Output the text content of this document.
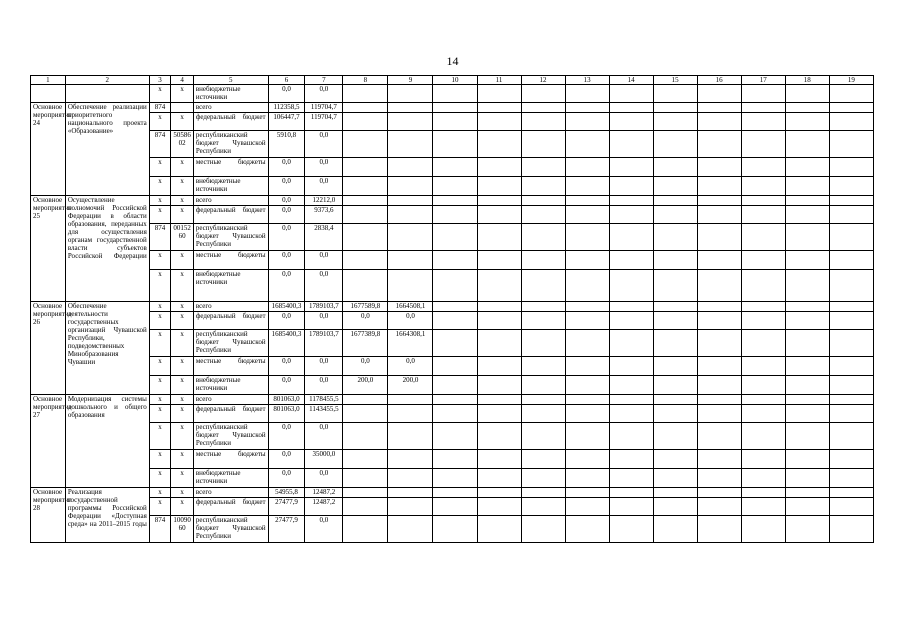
14
1	2	3	4	5	6	7	8	9	10	11	12	13	14	15	16	17	18	19
		x	x	внебюджетные источники	0,0	0,0												
Основное мероприятие 24	Обеспечение реализации приоритетного национального проекта «Образование»	874		всего	112358,5	119704,7												
		x	x	федеральный бюджет	106447,7	119704,7												
		874	50586 02	республиканский бюджет Чувашской Республики	5910,8	0,0												
		x	x	местные бюджеты	0,0	0,0												
		x	x	внебюджетные источники	0,0	0,0												
Основное мероприятие 25	Осуществление полномочий Российской Федерации в области образования, переданных для осуществления органам государственной власти субъектов Российской Федерации	x	x	всего	0,0	12212,0												
		x	x	федеральный бюджет	0,0	9373,6												
		874	00152 60	республиканский бюджет Чувашской Республики	0,0	2838,4												
		x	x	местные бюджеты	0,0	0,0												
		x	x	внебюджетные источники	0,0	0,0												
Основное мероприятие 26	Обеспечение деятельности государственных организаций Чувашской Республики, подведомственных Минобразования Чувашии	x	x	всего	1685400,3	1789103,7	1677589,8	1664508,1										
		x	x	федеральный бюджет	0,0	0,0	0,0	0,0										
		x	x	республиканский бюджет Чувашской Республики	1685400,3	1789103,7	1677389,8	1664308,1										
		x	x	местные бюджеты	0,0	0,0	0,0	0,0										
		x	x	внебюджетные источники	0,0	0,0	200,0	200,0										
Основное мероприятие 27	Модернизация системы дошкольного и общего образования	x	x	всего	801063,0	1178455,5												
		x	x	федеральный бюджет	801063,0	1143455,5												
		x	x	республиканский бюджет Чувашской Республики	0,0	0,0												
		x	x	местные бюджеты	0,0	35000,0												
		x	x	внебюджетные источники	0,0	0,0												
Основное мероприятие 28	Реализация государственной программы Российской Федерации «Доступная среда» на 2011–2015 годы	x	x	всего	54955,8	12487,2												
		x	x	федеральный бюджет	27477,9	12487,2												
		874	10090 60	республиканский бюджет Чувашской Республики	27477,9	0,0												
